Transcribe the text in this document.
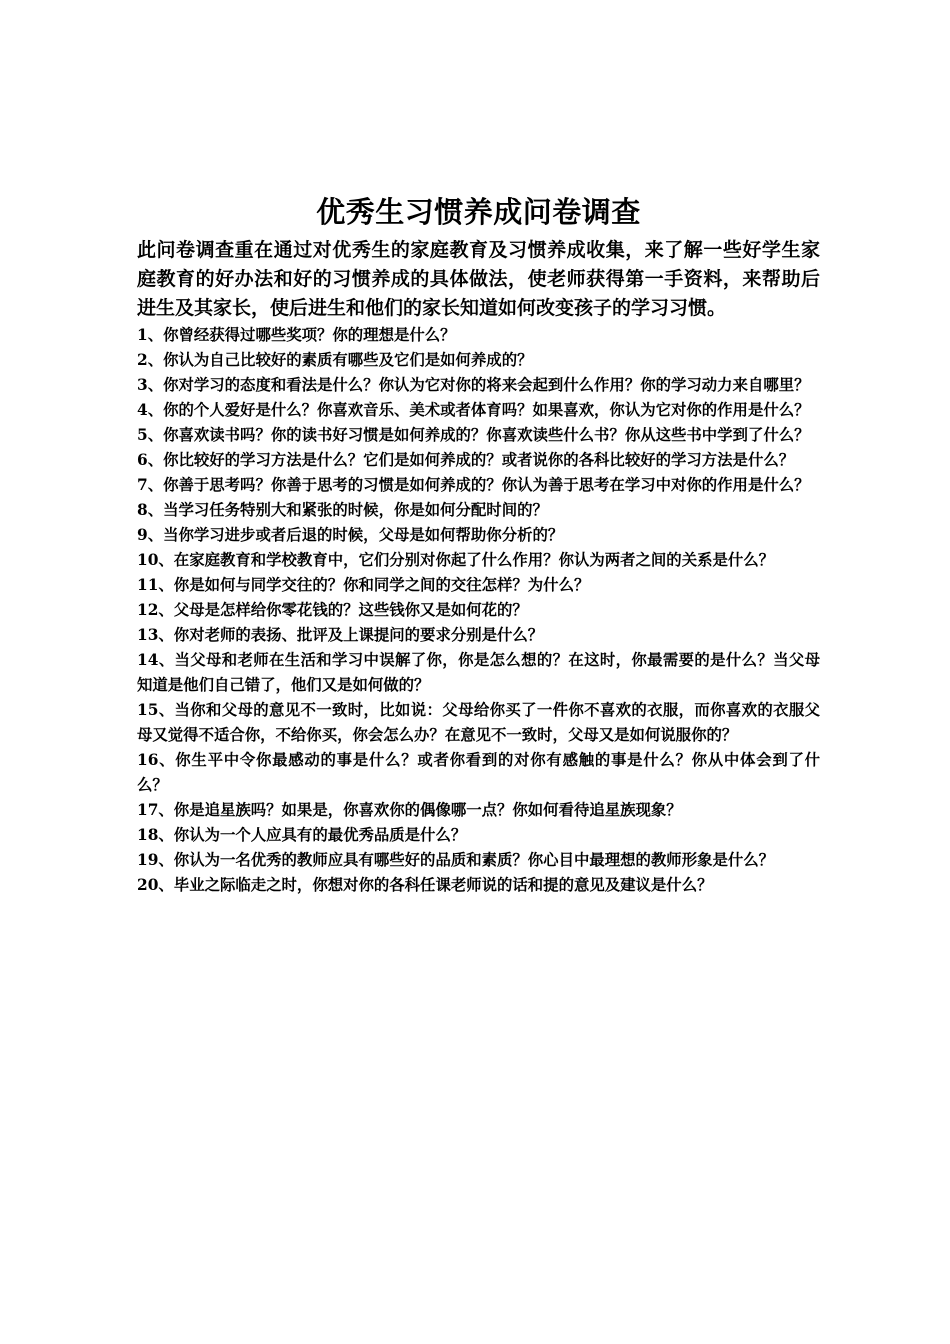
优秀生习惯养成问卷调查

此问卷调查重在通过对优秀生的家庭教育及习惯养成收集，来了解一些好学生家庭教育的好办法和好的习惯养成的具体做法，使老师获得第一手资料，来帮助后进生及其家长，使后进生和他们的家长知道如何改变孩子的学习习惯。

1、你曾经获得过哪些奖项？你的理想是什么？
2、你认为自己比较好的素质有哪些及它们是如何养成的？
3、你对学习的态度和看法是什么？你认为它对你的将来会起到什么作用？你的学习动力来自哪里？
4、你的个人爱好是什么？你喜欢音乐、美术或者体育吗？如果喜欢，你认为它对你的作用是什么？
5、你喜欢读书吗？你的读书好习惯是如何养成的？你喜欢读些什么书？你从这些书中学到了什么？
6、你比较好的学习方法是什么？它们是如何养成的？或者说你的各科比较好的学习方法是什么？
7、你善于思考吗？你善于思考的习惯是如何养成的？你认为善于思考在学习中对你的作用是什么？
8、当学习任务特别大和紧张的时候，你是如何分配时间的？
9、当你学习进步或者后退的时候，父母是如何帮助你分析的？
10、在家庭教育和学校教育中，它们分别对你起了什么作用？你认为两者之间的关系是什么？
11、你是如何与同学交往的？你和同学之间的交往怎样？为什么？
12、父母是怎样给你零花钱的？这些钱你又是如何花的？
13、你对老师的表扬、批评及上课提问的要求分别是什么？
14、当父母和老师在生活和学习中误解了你，你是怎么想的？在这时，你最需要的是什么？当父母知道是他们自己错了，他们又是如何做的？
15、当你和父母的意见不一致时，比如说：父母给你买了一件你不喜欢的衣服，而你喜欢的衣服父母又觉得不适合你，不给你买，你会怎么办？在意见不一致时，父母又是如何说服你的？
16、你生平中令你最感动的事是什么？或者你看到的对你有感触的事是什么？你从中体会到了什么？
17、你是追星族吗？如果是，你喜欢你的偶像哪一点？你如何看待追星族现象？
18、你认为一个人应具有的最优秀品质是什么？
19、你认为一名优秀的教师应具有哪些好的品质和素质？你心目中最理想的教师形象是什么？
20、毕业之际临走之时，你想对你的各科任课老师说的话和提的意见及建议是什么？
